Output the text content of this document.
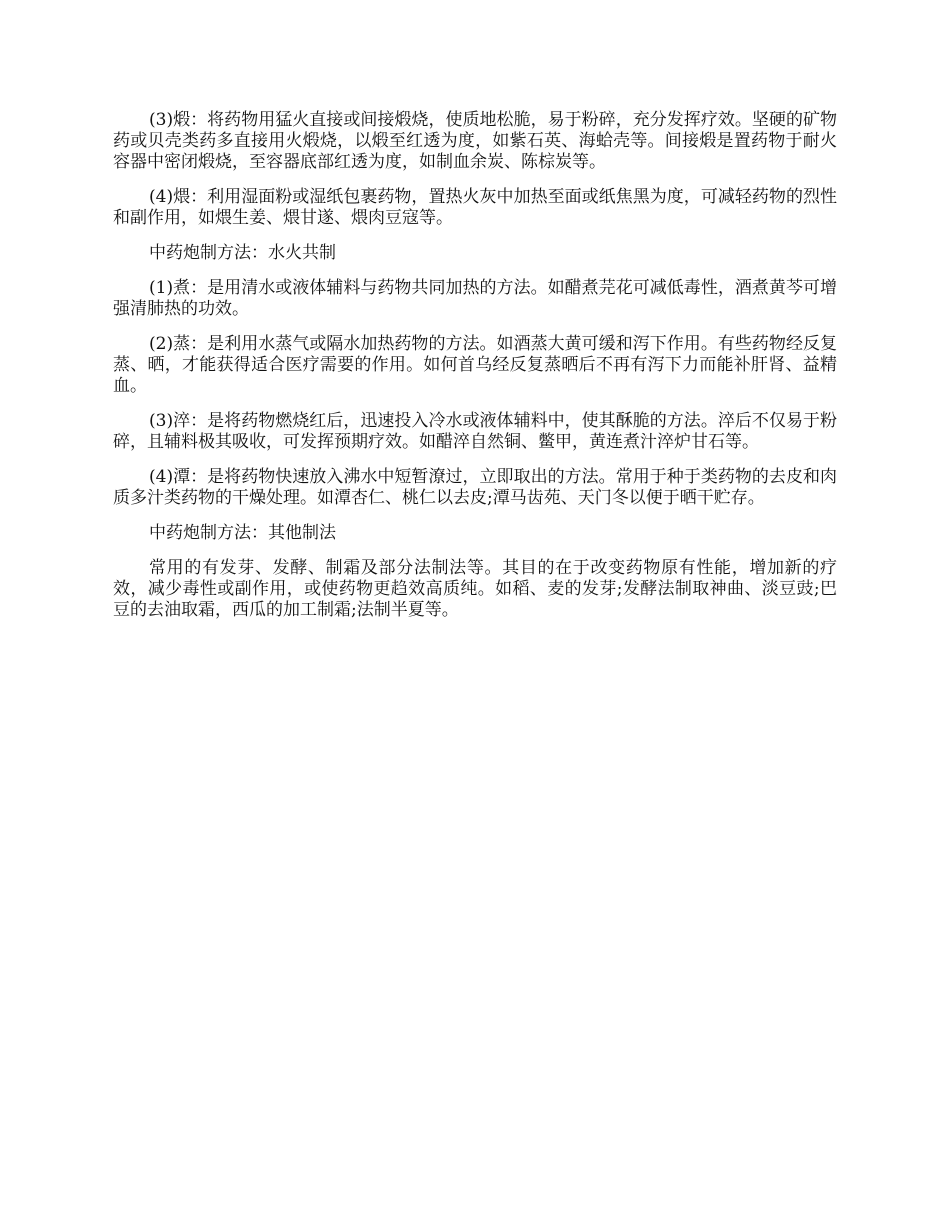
(3)煅：将药物用猛火直接或间接煅烧，使质地松脆，易于粉碎，充分发挥疗效。坚硬的矿物药或贝壳类药多直接用火煅烧，以煅至红透为度，如紫石英、海蛤壳等。间接煅是置药物于耐火容器中密闭煅烧，至容器底部红透为度，如制血余炭、陈棕炭等。

(4)煨：利用湿面粉或湿纸包裹药物，置热火灰中加热至面或纸焦黑为度，可减轻药物的烈性和副作用，如煨生姜、煨甘遂、煨肉豆寇等。

中药炮制方法：水火共制

(1)煮：是用清水或液体辅料与药物共同加热的方法。如醋煮芫花可减低毒性，酒煮黄芩可增强清肺热的功效。

(2)蒸：是利用水蒸气或隔水加热药物的方法。如酒蒸大黄可缓和泻下作用。有些药物经反复蒸、晒，才能获得适合医疗需要的作用。如何首乌经反复蒸晒后不再有泻下力而能补肝肾、益精血。

(3)淬：是将药物燃烧红后，迅速投入冷水或液体辅料中，使其酥脆的方法。淬后不仅易于粉碎，且辅料极其吸收，可发挥预期疗效。如醋淬自然铜、鳖甲，黄连煮汁淬炉甘石等。

(4)潭：是将药物快速放入沸水中短暂潦过，立即取出的方法。常用于种于类药物的去皮和肉质多汁类药物的干燥处理。如潭杏仁、桃仁以去皮;潭马齿苑、天门冬以便于晒干贮存。

中药炮制方法：其他制法

常用的有发芽、发酵、制霜及部分法制法等。其目的在于改变药物原有性能，增加新的疗效，减少毒性或副作用，或使药物更趋效高质纯。如稻、麦的发芽;发酵法制取神曲、淡豆豉;巴豆的去油取霜，西瓜的加工制霜;法制半夏等。
